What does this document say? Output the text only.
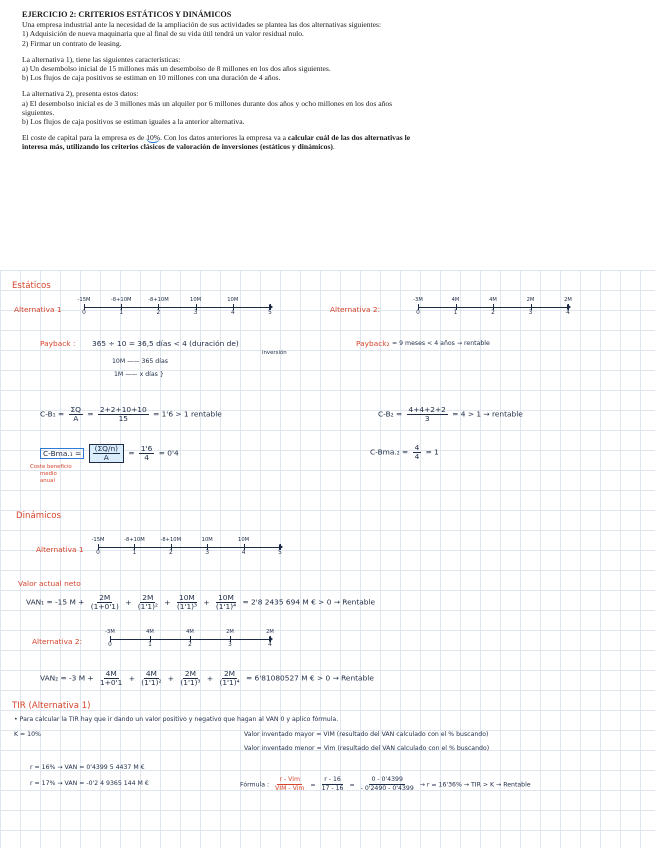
EJERCICIO 2: CRITERIOS ESTÁTICOS Y DINÁMICOS

Una empresa industrial ante la necesidad de la ampliación de sus actividades se plantea las dos alternativas siguientes:

1) Adquisición de nueva maquinaria que al final de su vida útil tendrá un valor residual nulo.

2) Firmar un contrato de leasing.

La alternativa 1), tiene las siguientes características:

a) Un desembolso inicial de 15 millones más un desembolso de 8 millones en los dos años siguientes.

b) Los flujos de caja positivos se estiman en 10 millones con una duración de 4 años.

La alternativa 2), presenta estos datos:

a) El desembolso inicial es de 3 millones más un alquiler por 6 millones durante dos años y ocho millones en los dos años siguientes.

b) Los flujos de caja positivos se estiman iguales a la anterior alternativa.

El coste de capital para la empresa es de 10%. Con los datos anteriores la empresa va a calcular cuál de las dos alternativas le interesa más, utilizando los criterios clásicos de valoración de inversiones (estáticos y dinámicos).

Estáticos
Alternativa 1	0	1	2	3	4	5
-15M	-8+10M	-8+10M	10M	10M
Alternativa 2:	0	1	2	3	4
-3M	4M	4M	2M	2M
Payback : 365 ÷ 10 = 36,5 días < 4 (duración de)
inversión
10M —— 365 días
1M —— x días }
Payback₂ = 9 meses < 4 años → rentable
$C-B_1 = \frac{\Sigma Q}{A} = \frac{2+2+10+10}{15} = 1'6 > 1$ rentable	$C-B_2 = \frac{4+4+2+2}{3} = 4 > 1$ → rentable
$C-Bma._1 = \frac{(\Sigma Q/n)}{A} = \frac{1'6}{4} = 0'4$
Coste beneficio
medio
anual
$C-Bma._2 = \frac{4}{4} = 1$
Dinámicos
Alternativa 1 0	1	2	3	4	5
-15M	-8+10M	-8+10M	10M	10M
Valor actual neto
VAN₁ = -15 $M + \frac{2M}{(1+0'1)} + \frac{2M}{\text{(1'1)²}} + \frac{10M}{\text{(1'1)³}} + \frac{10M}{\text{(1'1)⁴}} = 2'8$ 2435 694 M € > 0 → Rentable
Alternativa 2:	0	1	2	3	4
-3M	4M	4M	2M	2M
VAN₂ = -3 $M + \frac{4M}{1+0'1} + \frac{4M}{\text{(1'1)²}} + \frac{2M}{\text{(1'1)³}} + \frac{2M}{\text{(1'1)⁴}} = 6'81080527$ M € > 0 → Rentable
TIR (Alternativa 1)
• Para calcular la TIR hay que ir dando un valor positivo y negativo que hagan al VAN 0 y aplico fórmula.
K = 10%	Valor inventado mayor = VIM (resultado del VAN calculado con el % buscando)
Valor inventado menor = Vim (resultado del VAN calculado con el % buscando)
r = 16% → VAN = 0'4399 5 4437 M €
r = 17% → VAN = -0'2 4 9365 144 M €	Fórmula : $\frac{\text{r - Vim}}{\text{VIM - Vim}} = \frac{r - 16}{17 - 16} = \frac{0 - 0'4399}{- 0'2490 - 0'4399} \to r = 16'36\%$ → TIR > K → Rentable
